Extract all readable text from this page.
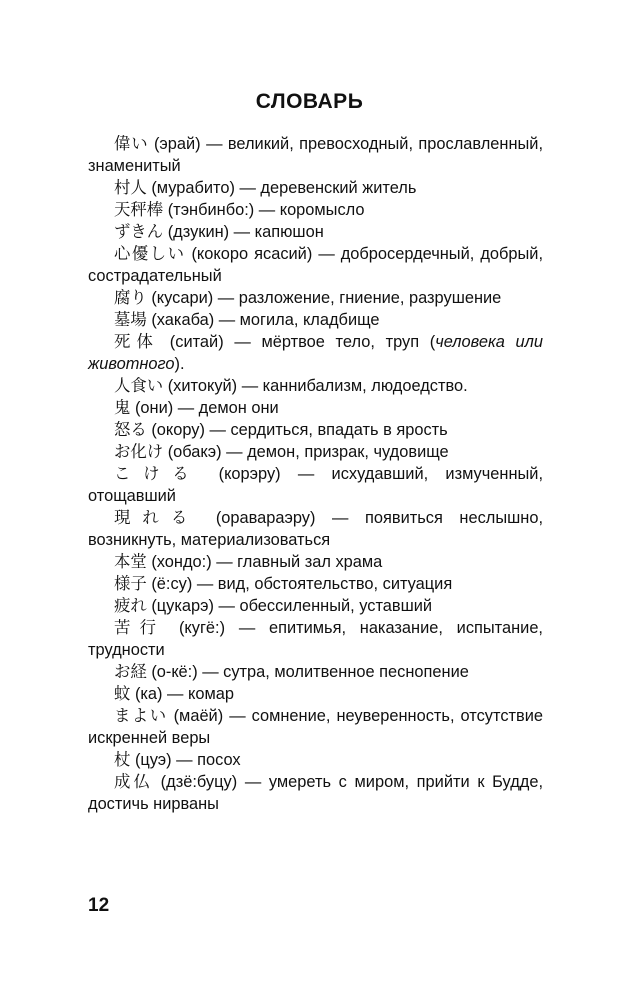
СЛОВАРЬ

偉い (эрай) — великий, превосходный, прославленный, знаменитый

村人 (мурабито) — деревенский житель

天秤棒 (тэнбинбо:) — коромысло

ずきん (дзукин) — капюшон

心優しい (кокоро ясасий) — добросердечный, добрый, сострадательный

腐り (кусари) — разложение, гниение, разрушение

墓場 (хакаба) — могила, кладбище

死体 (ситай) — мёртвое тело, труп (человека или животного).

人食い (хитокуй) — каннибализм, людоедство.

鬼 (они) — демон они

怒る (окору) — сердиться, впадать в ярость

お化け (обакэ) — демон, призрак, чудовище

こける (корэру) — исхудавший, измученный, отощавший

現れる (оравараэру) — появиться неслышно, возникнуть, материализоваться

本堂 (хондо:) — главный зал храма

様子 (ё:су) — вид, обстоятельство, ситуация

疲れ (цукарэ) — обессиленный, уставший

苦行 (кугё:) — епитимья, наказание, испытание, трудности

お経 (о-кё:) — сутра, молитвенное песнопение

蚊 (ка) — комар

まよい (маёй) — сомнение, неуверенность, отсутствие искренней веры

杖 (цуэ) — посох

成仏 (дзё:буцу) — умереть с миром, прийти к Будде, достичь нирваны

12
